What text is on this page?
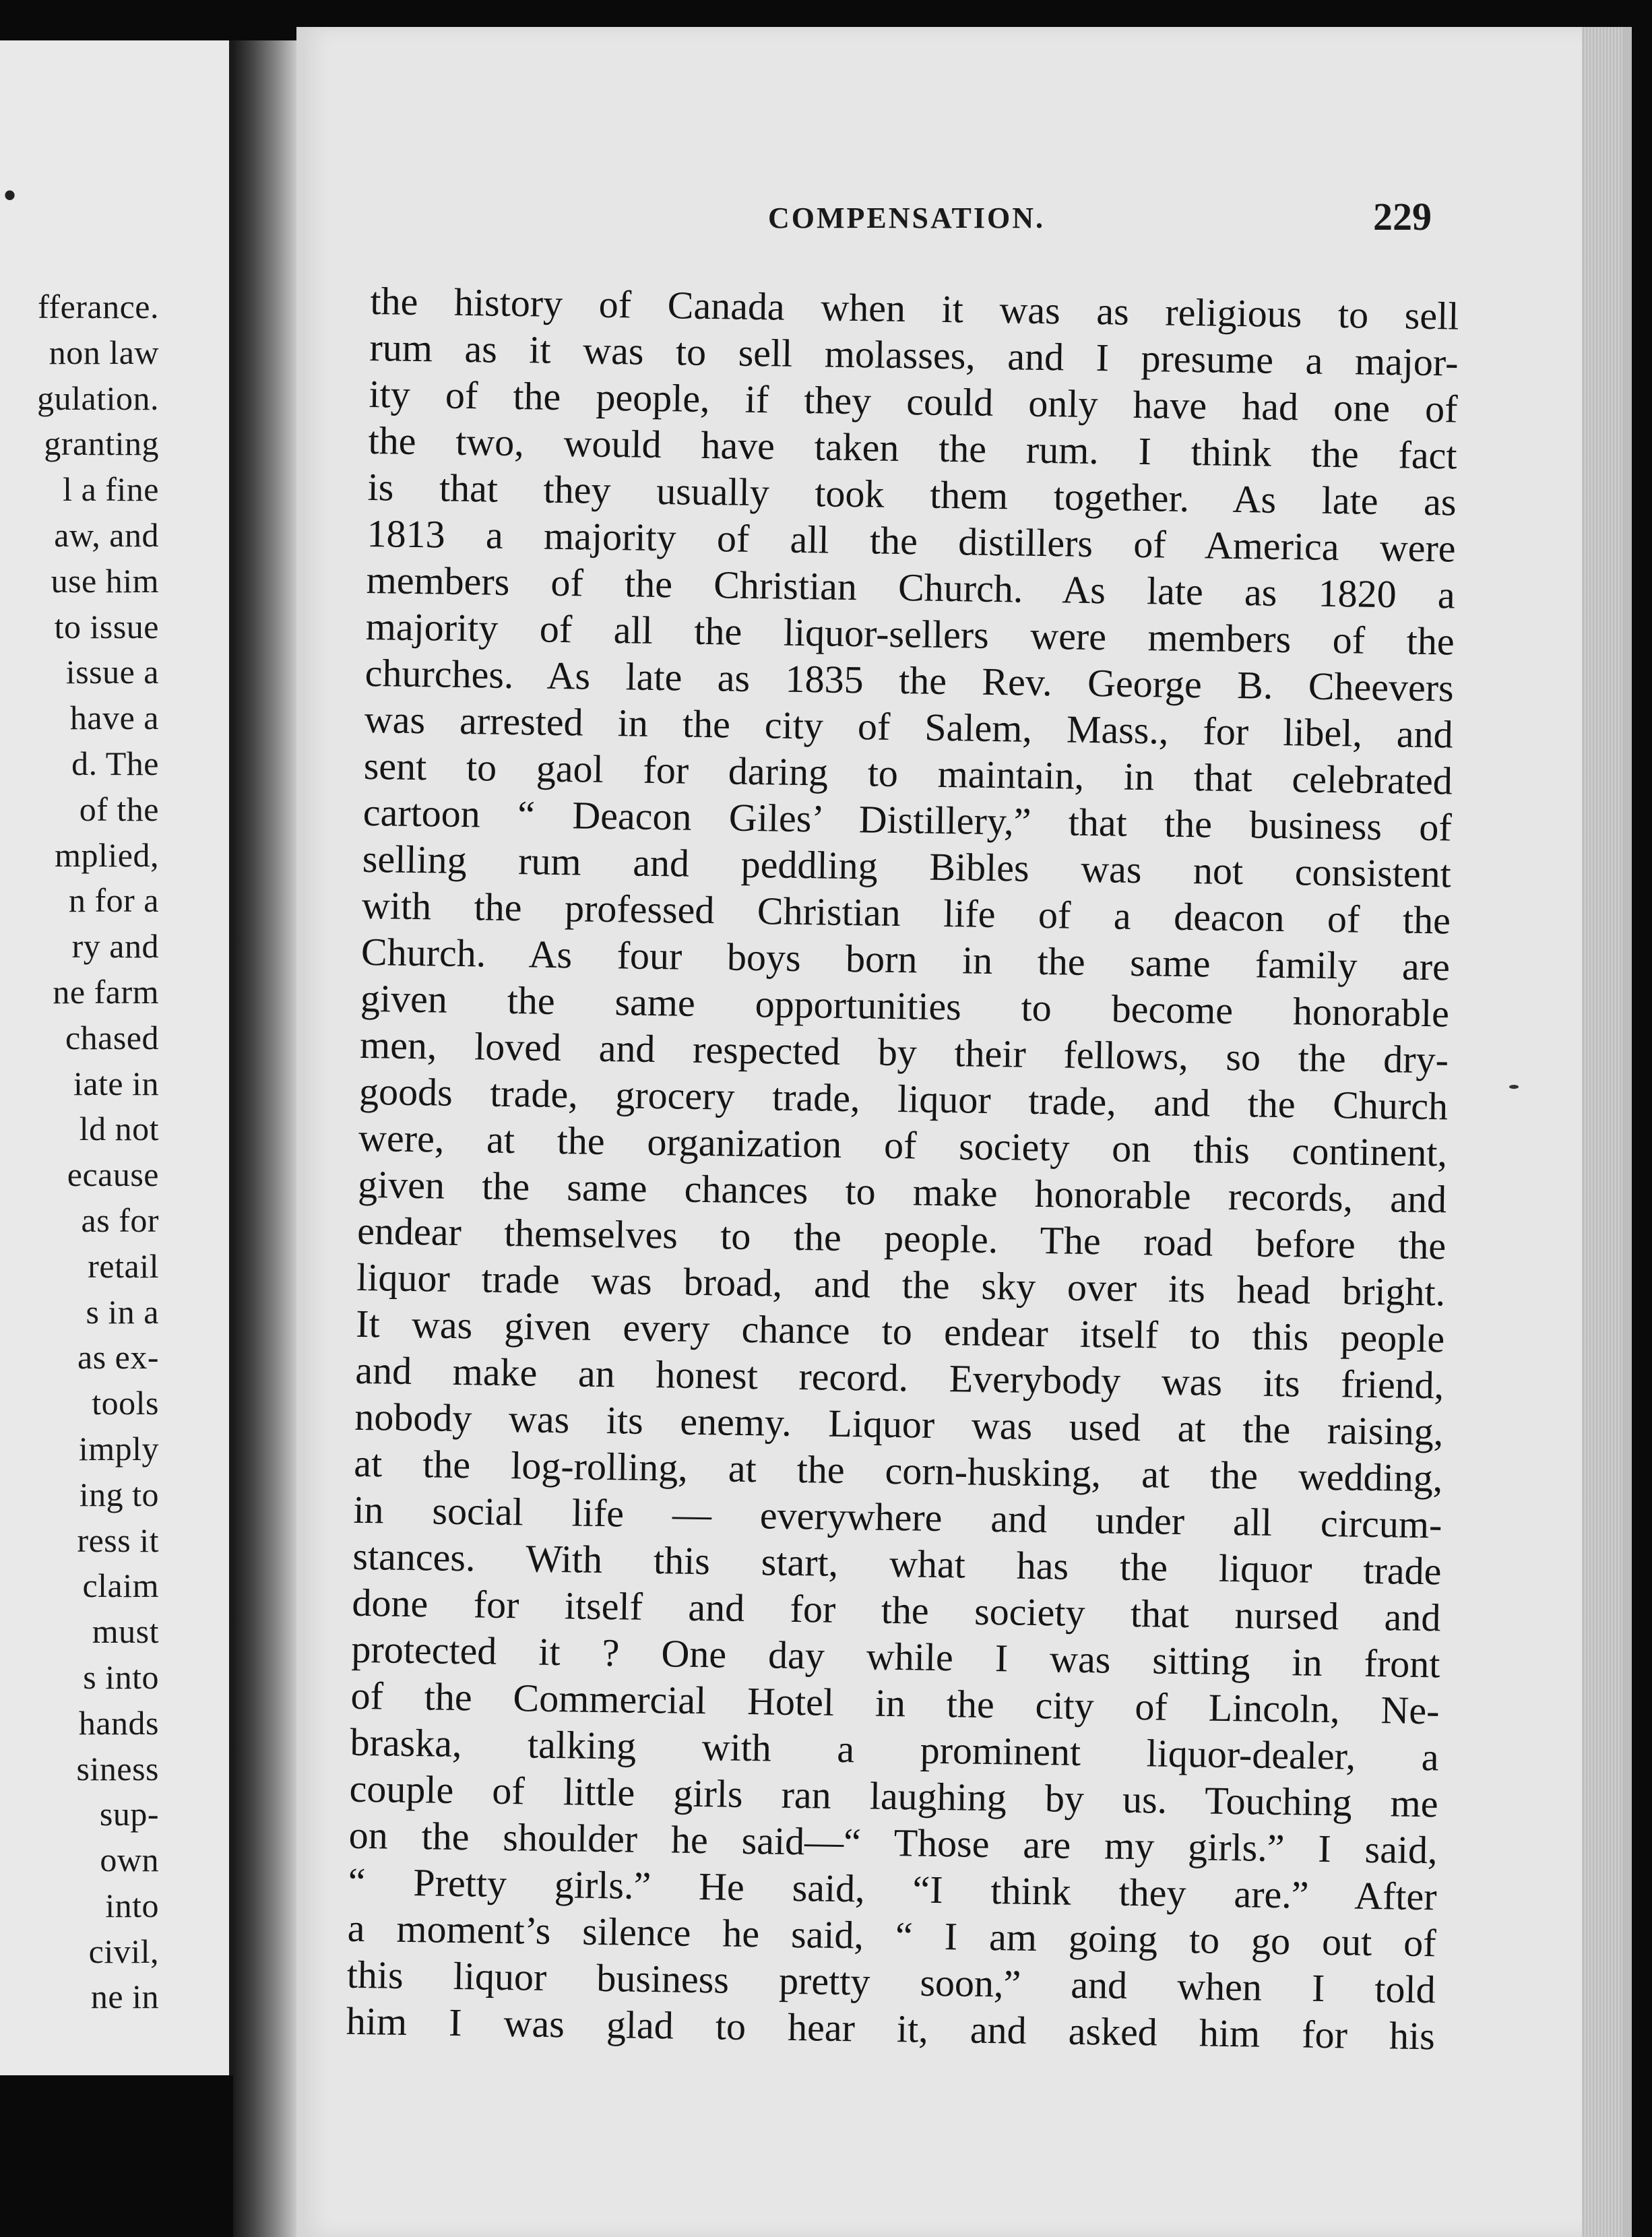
•
fferance.
non law
gulation.
granting
l a fine
aw, and
use him
to issue
issue a
have a
d. The
of the
mplied,
n for a
ry and
ne farm
chased
iate in
ld not
ecause
as for
retail
s in a
as ex-
tools
imply
ing to
ress it
claim
must
s into
hands
siness
sup-
own
into
civil,
ne in
COMPENSATION.	229
the history of Canada when it was as religious to sell
rum as it was to sell molasses, and I presume a major-
ity of the people, if they could only have had one of
the two, would have taken the rum. I think the fact
is that they usually took them together. As late as
1813 a majority of all the distillers of America were
members of the Christian Church. As late as 1820 a
majority of all the liquor-sellers were members of the
churches. As late as 1835 the Rev. George B. Cheevers
was arrested in the city of Salem, Mass., for libel, and
sent to gaol for daring to maintain, in that celebrated
cartoon “ Deacon Giles’ Distillery,” that the business of
selling rum and peddling Bibles was not consistent
with the professed Christian life of a deacon of the
Church. As four boys born in the same family are
given the same opportunities to become honorable
men, loved and respected by their fellows, so the dry-
goods trade, grocery trade, liquor trade, and the Church
were, at the organization of society on this continent,
given the same chances to make honorable records, and
endear themselves to the people. The road before the
liquor trade was broad, and the sky over its head bright.
It was given every chance to endear itself to this people
and make an honest record. Everybody was its friend,
nobody was its enemy. Liquor was used at the raising,
at the log-rolling, at the corn-husking, at the wedding,
in social life — everywhere and under all circum-
stances. With this start, what has the liquor trade
done for itself and for the society that nursed and
protected it ? One day while I was sitting in front
of the Commercial Hotel in the city of Lincoln, Ne-
braska, talking with a prominent liquor-dealer, a
couple of little girls ran laughing by us. Touching me
on the shoulder he said—“ Those are my girls.” I said,
“ Pretty girls.” He said, “I think they are.” After
a moment’s silence he said, “ I am going to go out of
this liquor business pretty soon,” and when I told
him I was glad to hear it, and asked him for his
